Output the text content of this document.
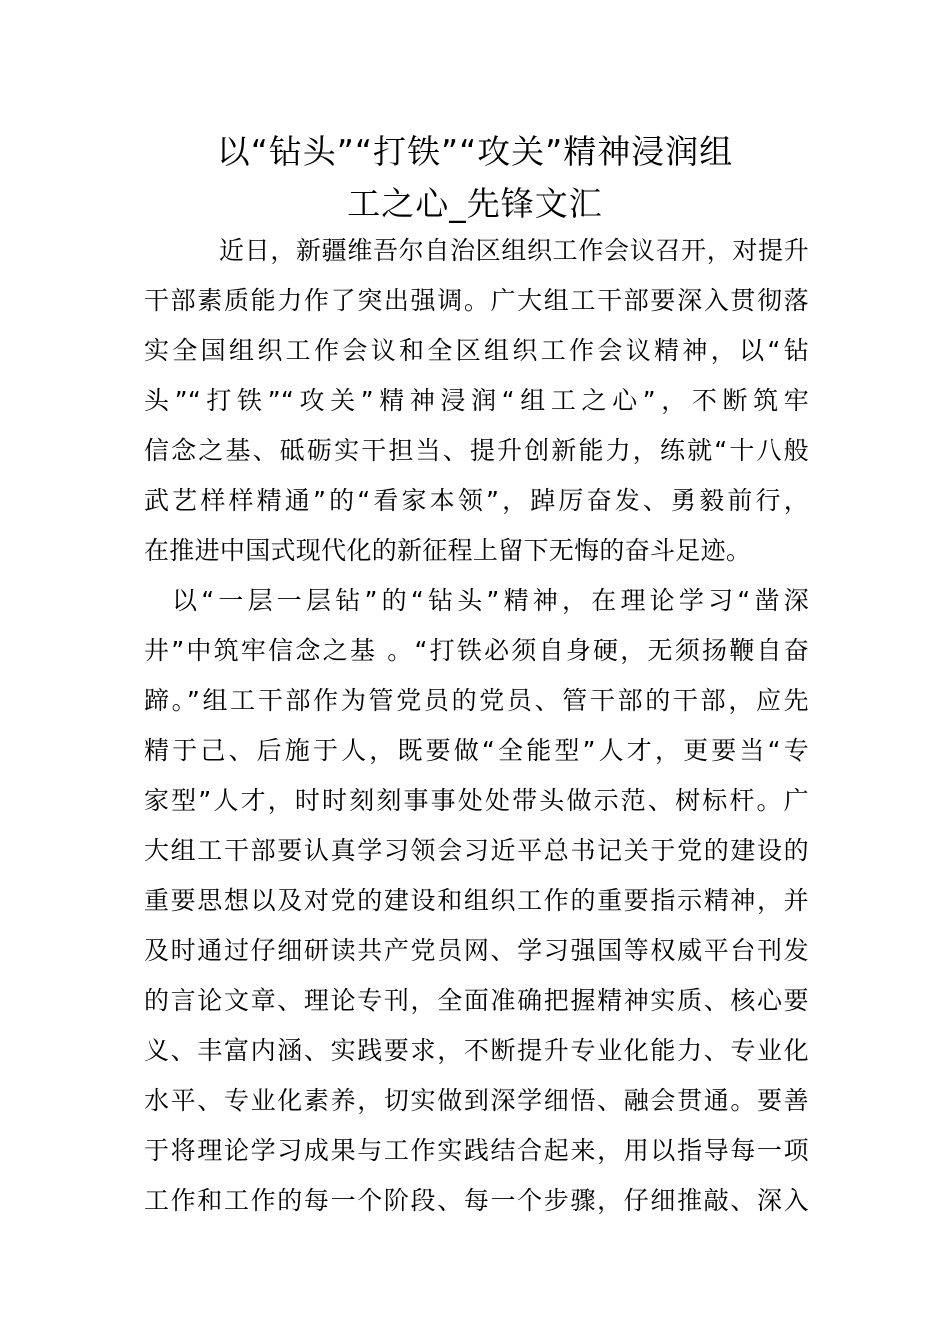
以“钻头”“打铁”“攻关”精神浸润组
工之心_先锋文汇
近日，新疆维吾尔自治区组织工作会议召开，对提升
干部素质能力作了突出强调。广大组工干部要深入贯彻落
实全国组织工作会议和全区组织工作会议精神，以“钻
头”“打铁”“攻关”精神浸润“组工之心”，不断筑牢
信念之基、砥砺实干担当、提升创新能力，练就“十八般
武艺样样精通”的“看家本领”，踔厉奋发、勇毅前行，
在推进中国式现代化的新征程上留下无悔的奋斗足迹。
以“一层一层钻”的“钻头”精神，在理论学习“凿深
井”中筑牢信念之基 。“打铁必须自身硬，无须扬鞭自奋
蹄。”组工干部作为管党员的党员、管干部的干部，应先
精于己、后施于人，既要做“全能型”人才，更要当“专
家型”人才，时时刻刻事事处处带头做示范、树标杆。广
大组工干部要认真学习领会习近平总书记关于党的建设的
重要思想以及对党的建设和组织工作的重要指示精神，并
及时通过仔细研读共产党员网、学习强国等权威平台刊发
的言论文章、理论专刊，全面准确把握精神实质、核心要
义、丰富内涵、实践要求，不断提升专业化能力、专业化
水平、专业化素养，切实做到深学细悟、融会贯通。要善
于将理论学习成果与工作实践结合起来，用以指导每一项
工作和工作的每一个阶段、每一个步骤，仔细推敲、深入
